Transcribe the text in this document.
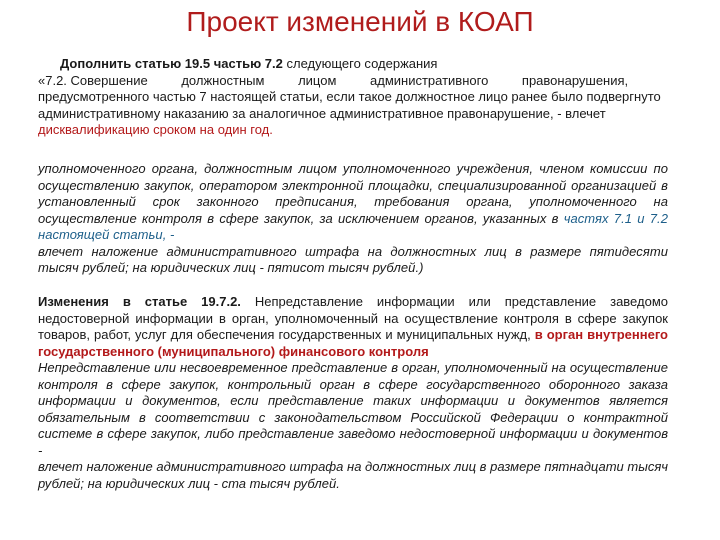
Проект изменений в КОАП

Дополнить статью 19.5 частью 7.2 следующего содержания

«7.2. Совершение должностным лицом административного правонарушения,

предусмотренного частью 7 настоящей статьи, если такое должностное лицо ранее было подвергнуто административному наказанию за аналогичное административное правонарушение, - влечет дисквалификацию сроком на один год.

уполномоченного органа, должностным лицом уполномоченного учреждения, членом комиссии по осуществлению закупок, оператором электронной площадки, специализированной организацией в установленный срок законного предписания, требования органа, уполномоченного на осуществление контроля в сфере закупок, за исключением органов, указанных в частях 7.1 и 7.2 настоящей статьи, -
влечет наложение административного штрафа на должностных лиц в размере пятидесяти тысяч рублей; на юридических лиц - пятисот тысяч рублей.)

Изменения в статье 19.7.2. Непредставление информации или представление заведомо недостоверной информации в орган, уполномоченный на осуществление контроля в сфере закупок товаров, работ, услуг для обеспечения государственных и муниципальных нужд, в орган внутреннего государственного (муниципального) финансового контроля

Непредставление или несвоевременное представление в орган, уполномоченный на осуществление контроля в сфере закупок, контрольный орган в сфере государственного оборонного заказа информации и документов, если представление таких информации и документов является обязательным в соответствии с законодательством Российской Федерации о контрактной системе в сфере закупок, либо представление заведомо недостоверной информации и документов -
влечет наложение административного штрафа на должностных лиц в размере пятнадцати тысяч рублей; на юридических лиц - ста тысяч рублей.
